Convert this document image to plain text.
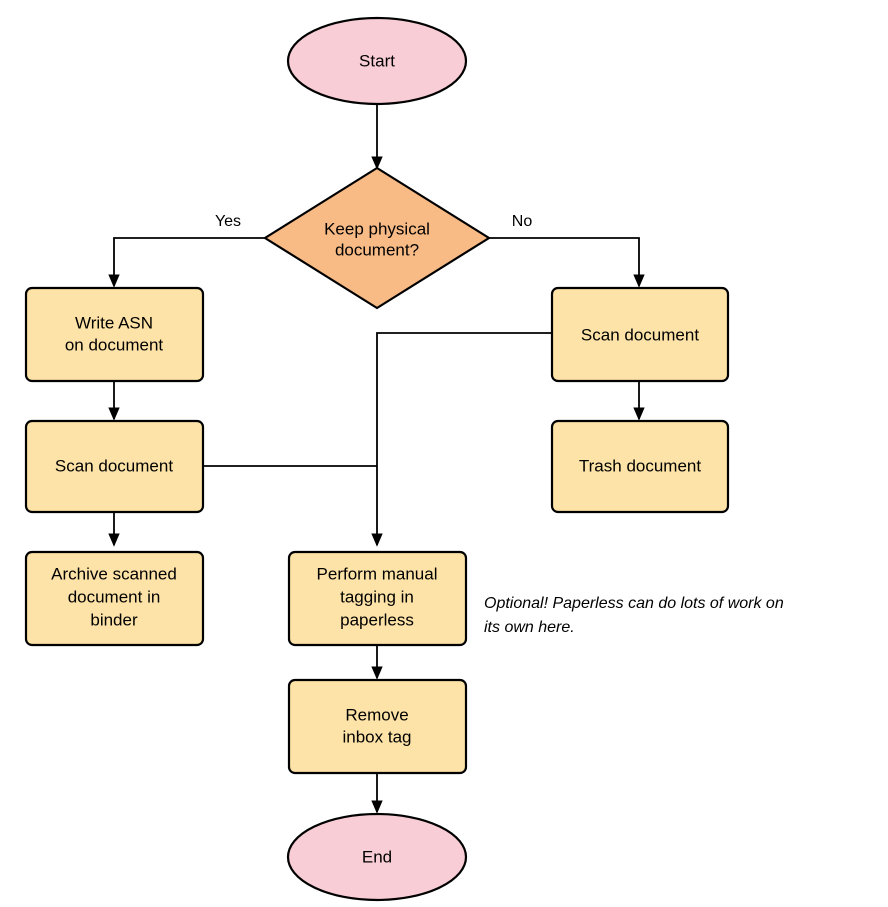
Start
Keep physical
document?
Yes	No
Write ASN
on document
Scan document
Archive scanned
document in
binder
Scan document
Trash document
Perform manual
tagging in
paperless
Remove
inbox tag
End
Optional! Paperless can do lots of work on
its own here.
